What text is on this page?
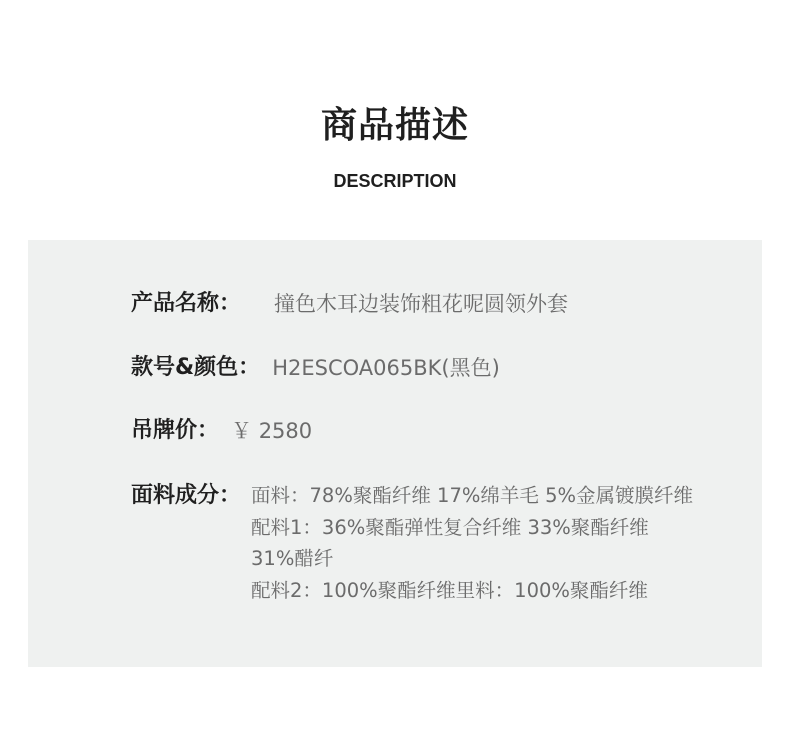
商品描述
DESCRIPTION
产品名称： 撞色木耳边装饰粗花呢圆领外套
款号&颜色： H2ESCOA065BK(黑色)
吊牌价： ￥ 2580
面料成分： 面料：78%聚酯纤维 17%绵羊毛 5%金属镀膜纤维
配料1：36%聚酯弹性复合纤维 33%聚酯纤维
31%醋纤
配料2：100%聚酯纤维里料：100%聚酯纤维
